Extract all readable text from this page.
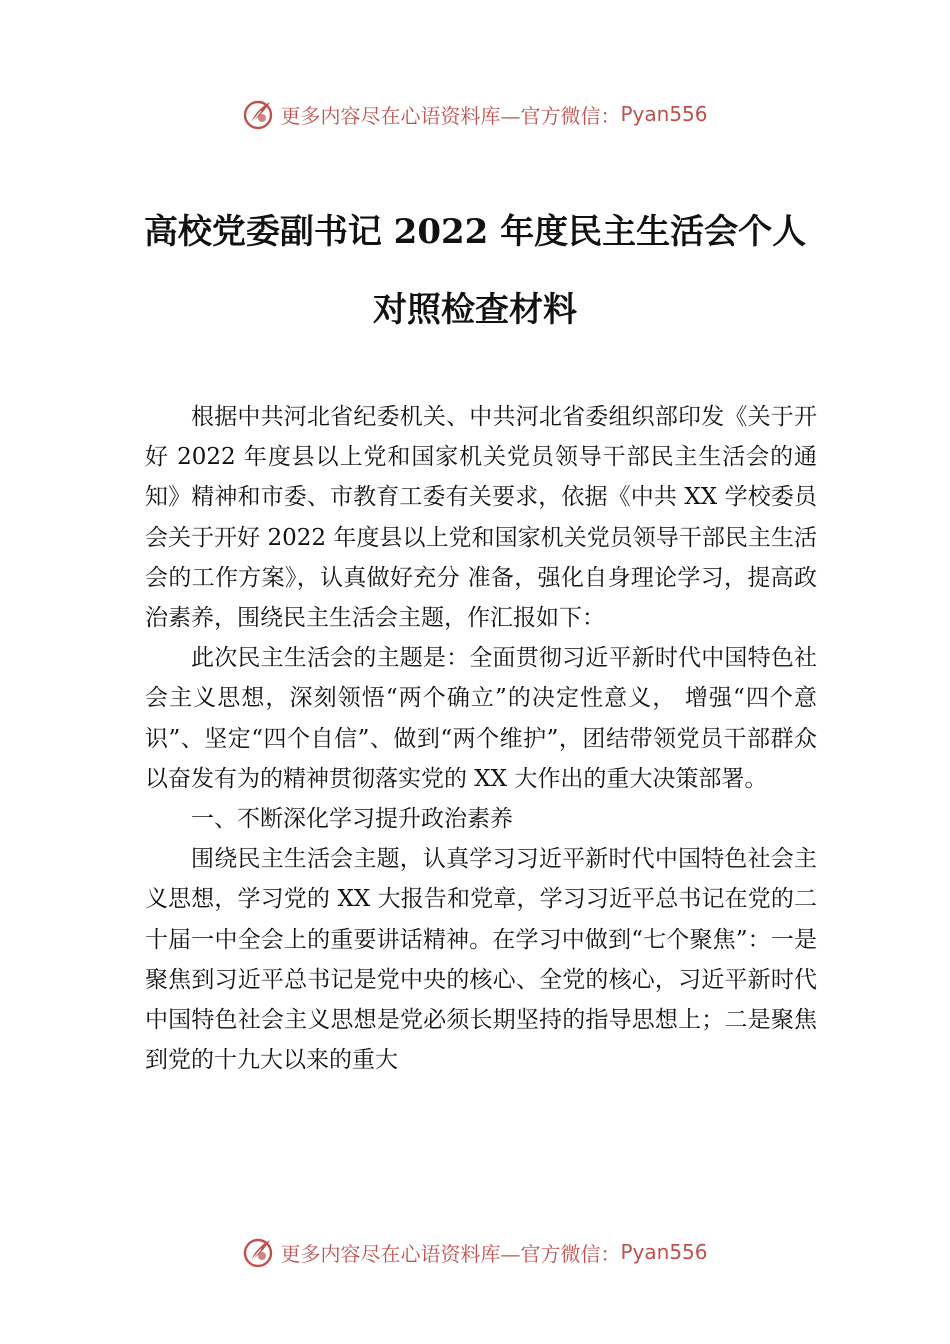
更多内容尽在心语资料库—官方微信： Pyan556
高校党委副书记 2022 年度民主生活会个人
对照检查材料

根据中共河北省纪委机关、中共河北省委组织部印发《关于开好 2022 年度县以上党和国家机关党员领导干部民主生活会的通知》精神和市委、市教育工委有关要求，依据《中共 XX 学校委员会关于开好 2022 年度县以上党和国家机关党员领导干部民主生活会的工作方案》，认真做好充分 准备，强化自身理论学习，提高政治素养，围绕民主生活会主题，作汇报如下：

此次民主生活会的主题是：全面贯彻习近平新时代中国特色社会主义思想，深刻领悟“两个确立”的决定性意义， 增强“四个意识”、坚定“四个自信”、做到“两个维护”，团结带领党员干部群众以奋发有为的精神贯彻落实党的 XX 大作出的重大决策部署。

一、不断深化学习提升政治素养

围绕民主生活会主题，认真学习习近平新时代中国特色社会主义思想，学习党的 XX 大报告和党章，学习习近平总书记在党的二十届一中全会上的重要讲话精神。在学习中做到“七个聚焦”：一是聚焦到习近平总书记是党中央的核心、全党的核心，习近平新时代中国特色社会主义思想是党必须长期坚持的指导思想上；二是聚焦到党的十九大以来的重大

更多内容尽在心语资料库—官方微信： Pyan556
